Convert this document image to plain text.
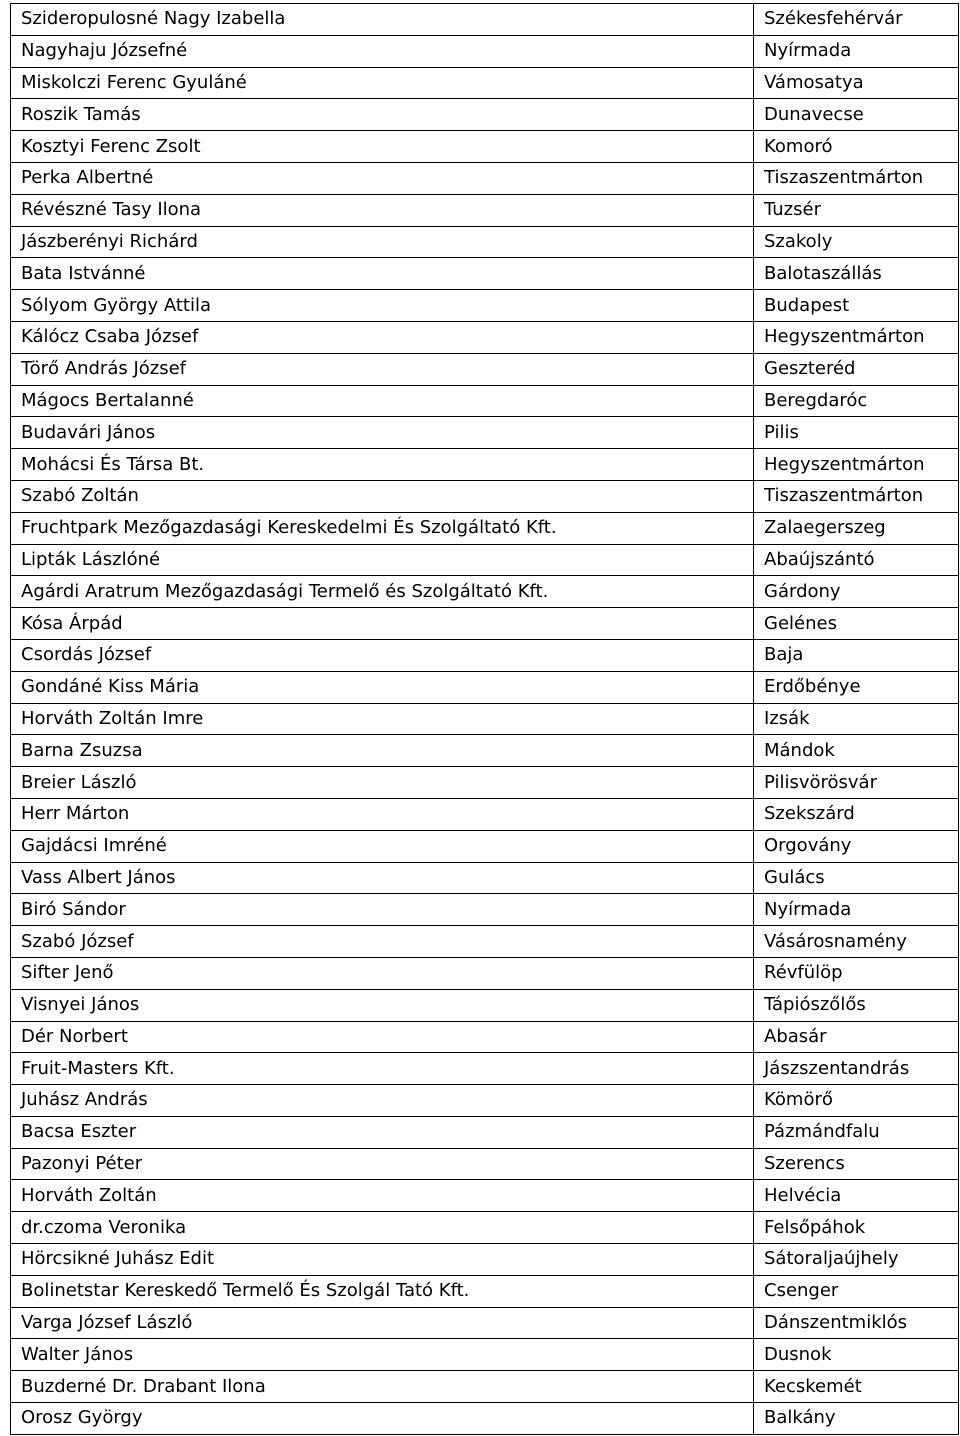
Szideropulosné Nagy Izabella	Székesfehérvár
Nagyhaju Józsefné	Nyírmada
Miskolczi Ferenc Gyuláné	Vámosatya
Roszik Tamás	Dunavecse
Kosztyi Ferenc Zsolt	Komoró
Perka Albertné	Tiszaszentmárton
Révészné Tasy Ilona	Tuzsér
Jászberényi Richárd	Szakoly
Bata Istvánné	Balotaszállás
Sólyom György Attila	Budapest
Kálócz Csaba József	Hegyszentmárton
Törő András József	Geszteréd
Mágocs Bertalanné	Beregdaróc
Budavári János	Pilis
Mohácsi És Társa Bt.	Hegyszentmárton
Szabó Zoltán	Tiszaszentmárton
Fruchtpark Mezőgazdasági Kereskedelmi És Szolgáltató Kft.	Zalaegerszeg
Lipták Lászlóné	Abaújszántó
Agárdi Aratrum Mezőgazdasági Termelő és Szolgáltató Kft.	Gárdony
Kósa Árpád	Gelénes
Csordás József	Baja
Gondáné Kiss Mária	Erdőbénye
Horváth Zoltán Imre	Izsák
Barna Zsuzsa	Mándok
Breier László	Pilisvörösvár
Herr Márton	Szekszárd
Gajdácsi Imréné	Orgovány
Vass Albert János	Gulács
Biró Sándor	Nyírmada
Szabó József	Vásárosnamény
Sifter Jenő	Révfülöp
Visnyei János	Tápiószőlős
Dér Norbert	Abasár
Fruit-Masters Kft.	Jászszentandrás
Juhász András	Kömörő
Bacsa Eszter	Pázmándfalu
Pazonyi Péter	Szerencs
Horváth Zoltán	Helvécia
dr.czoma Veronika	Felsőpáhok
Hörcsikné Juhász Edit	Sátoraljaújhely
Bolinetstar Kereskedő Termelő És Szolgál Tató Kft.	Csenger
Varga József László	Dánszentmiklós
Walter János	Dusnok
Buzderné Dr. Drabant Ilona	Kecskemét
Orosz György	Balkány
